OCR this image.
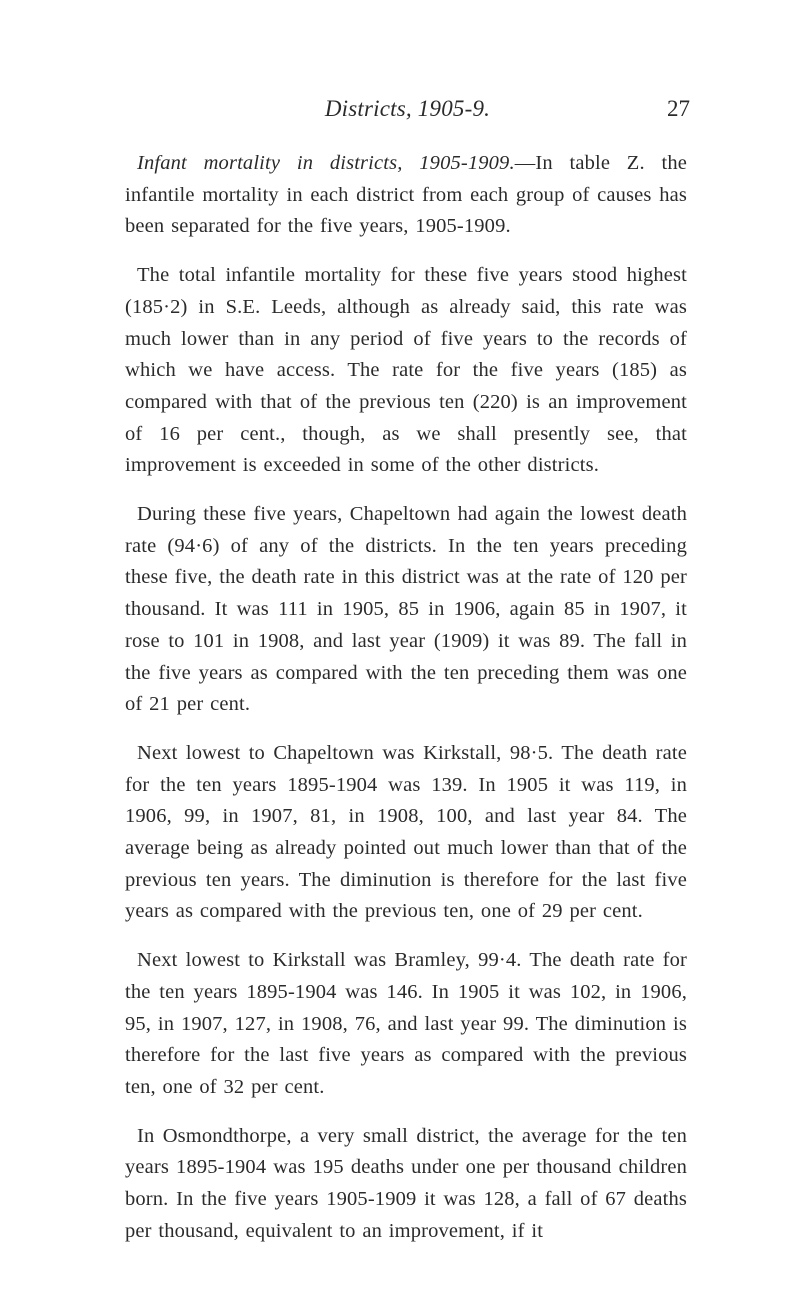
Districts, 1905-9.	27

Infant mortality in districts, 1905-1909.—In table Z. the infantile mortality in each district from each group of causes has been separated for the five years, 1905-1909.

The total infantile mortality for these five years stood highest (185·2) in S.E. Leeds, although as already said, this rate was much lower than in any period of five years to the records of which we have access. The rate for the five years (185) as compared with that of the previous ten (220) is an improvement of 16 per cent., though, as we shall presently see, that improvement is exceeded in some of the other districts.

During these five years, Chapeltown had again the lowest death rate (94·6) of any of the districts. In the ten years preceding these five, the death rate in this district was at the rate of 120 per thousand. It was 111 in 1905, 85 in 1906, again 85 in 1907, it rose to 101 in 1908, and last year (1909) it was 89. The fall in the five years as compared with the ten preceding them was one of 21 per cent.

Next lowest to Chapeltown was Kirkstall, 98·5. The death rate for the ten years 1895-1904 was 139. In 1905 it was 119, in 1906, 99, in 1907, 81, in 1908, 100, and last year 84. The average being as already pointed out much lower than that of the previous ten years. The diminution is therefore for the last five years as compared with the previous ten, one of 29 per cent.

Next lowest to Kirkstall was Bramley, 99·4. The death rate for the ten years 1895-1904 was 146. In 1905 it was 102, in 1906, 95, in 1907, 127, in 1908, 76, and last year 99. The diminution is therefore for the last five years as compared with the previous ten, one of 32 per cent.

In Osmondthorpe, a very small district, the average for the ten years 1895-1904 was 195 deaths under one per thousand children born. In the five years 1905-1909 it was 128, a fall of 67 deaths per thousand, equivalent to an improvement, if it
